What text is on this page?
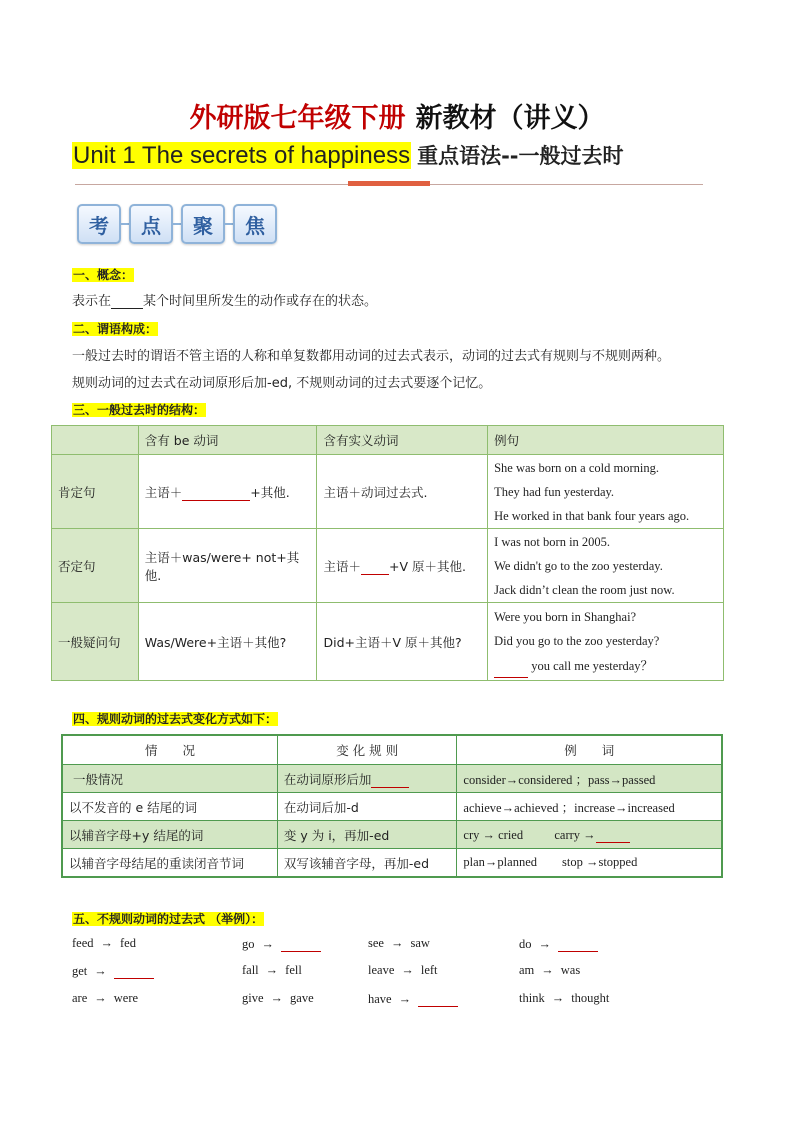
外研版七年级下册 新教材（讲义）
Unit 1 The secrets of happiness 重点语法--一般过去时
考	点	聚	焦
一、概念：
表示在 某个时间里所发生的动作或存在的状态。
二、谓语构成：
一般过去时的谓语不管主语的人称和单复数都用动词的过去式表示，动词的过去式有规则与不规则两种。
规则动词的过去式在动词原形后加-ed, 不规则动词的过去式要逐个记忆。
三、一般过去时的结构：
	含有 be 动词	含有实义动词	例句
肯定句	主语＋ +其他.	主语＋动词过去式.	She was born on a cold morning.
They had fun yesterday.
He worked in that bank four years ago.

否定句	主语＋was/were+ not+其他.	主语＋ +V 原＋其他.	I was not born in 2005.
We didn't go to the zoo yesterday.
Jack didn’t clean the room just now.

一般疑问句	Was/Were+主语＋其他?	Did+主语＋V 原＋其他?	Were you born in Shanghai?
Did you go to the zoo yesterday?
you call me yesterday？
四、规则动词的过去式变化方式如下：
情　　况	变 化 规 则	例　　词
一般情况	在动词原形后加	consider→considered ；pass→passed
以不发音的 e 结尾的词	在动词后加-d	achieve→achieved ；increase→increased
以辅音字母+y 结尾的词	变 y 为 i，再加-ed	cry → cried          carry →
以辅音字母结尾的重读闭音节词	双写该辅音字母，再加-ed	plan→planned        stop →stopped
五、不规则动词的过去式 （举例）：
feed → fed	go →	see → saw	do →
get →	fall → fell	leave → left	am → was
are → were	give → gave	have →	think → thought
